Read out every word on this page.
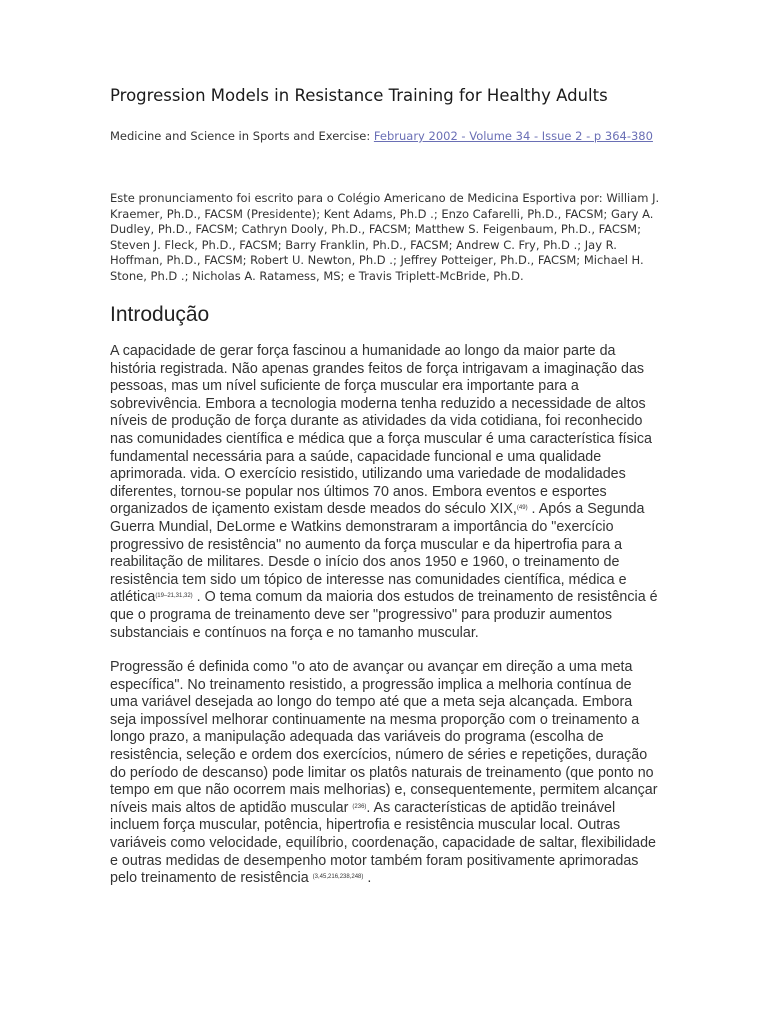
Progression Models in Resistance Training for Healthy Adults

Medicine and Science in Sports and Exercise: February 2002 - Volume 34 - Issue 2 - p 364-380

Este pronunciamento foi escrito para o Colégio Americano de Medicina Esportiva por: William J. Kraemer, Ph.D., FACSM (Presidente); Kent Adams, Ph.D .; Enzo Cafarelli, Ph.D., FACSM; Gary A. Dudley, Ph.D., FACSM; Cathryn Dooly, Ph.D., FACSM; Matthew S. Feigenbaum, Ph.D., FACSM; Steven J. Fleck, Ph.D., FACSM; Barry Franklin, Ph.D., FACSM; Andrew C. Fry, Ph.D .; Jay R. Hoffman, Ph.D., FACSM; Robert U. Newton, Ph.D .; Jeffrey Potteiger, Ph.D., FACSM; Michael H. Stone, Ph.D .; Nicholas A. Ratamess, MS; e Travis Triplett-McBride, Ph.D.

Introdução

A capacidade de gerar força fascinou a humanidade ao longo da maior parte da história registrada. Não apenas grandes feitos de força intrigavam a imaginação das pessoas, mas um nível suficiente de força muscular era importante para a sobrevivência. Embora a tecnologia moderna tenha reduzido a necessidade de altos níveis de produção de força durante as atividades da vida cotidiana, foi reconhecido nas comunidades científica e médica que a força muscular é uma característica física fundamental necessária para a saúde, capacidade funcional e uma qualidade aprimorada. vida. O exercício resistido, utilizando uma variedade de modalidades diferentes, tornou-se popular nos últimos 70 anos. Embora eventos e esportes organizados de içamento existam desde meados do século XIX,$^{(49)}$ . Após a Segunda Guerra Mundial, DeLorme e Watkins demonstraram a importância do "exercício progressivo de resistência" no aumento da força muscular e da hipertrofia para a reabilitação de militares. Desde o início dos anos 1950 e 1960, o treinamento de resistência tem sido um tópico de interesse nas comunidades científica, médica e atlética$^{(19-21,31,32)}$ . O tema comum da maioria dos estudos de treinamento de resistência é que o programa de treinamento deve ser "progressivo" para produzir aumentos substanciais e contínuos na força e no tamanho muscular.

Progressão é definida como "o ato de avançar ou avançar em direção a uma meta específica". No treinamento resistido, a progressão implica a melhoria contínua de uma variável desejada ao longo do tempo até que a meta seja alcançada. Embora seja impossível melhorar continuamente na mesma proporção com o treinamento a longo prazo, a manipulação adequada das variáveis do programa (escolha de resistência, seleção e ordem dos exercícios, número de séries e repetições, duração do período de descanso) pode limitar os platôs naturais de treinamento (que ponto no tempo em que não ocorrem mais melhorias) e, consequentemente, permitem alcançar níveis mais altos de aptidão muscular $^{(236)}$. As características de aptidão treinável incluem força muscular, potência, hipertrofia e resistência muscular local. Outras variáveis como velocidade, equilíbrio, coordenação, capacidade de saltar, flexibilidade e outras medidas de desempenho motor também foram positivamente aprimoradas pelo treinamento de resistência $^{(3,45,216,238,248)}$ .
